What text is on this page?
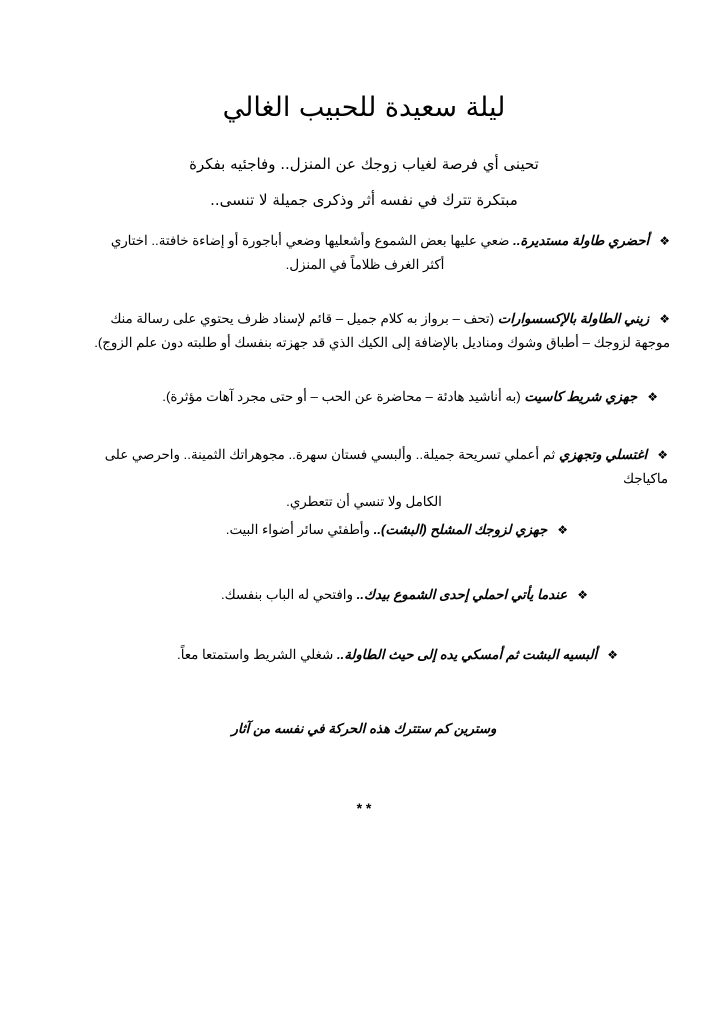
ليلة سعيدة للحبيب الغالي

تحينى أي فرصة لغياب زوجك عن المنزل.. وفاجئيه بفكرة

مبتكرة تترك في نفسه أثر وذكرى جميلة لا تنسى..

❖أحضري طاولة مستديرة.. ضعي عليها بعض الشموع وأشعليها وضعي أباجورة أو إضاءة خافتة.. اختاري
أكثر الغرف ظلاماً في المنزل.

❖زيني الطاولة بالإكسسوارات (تحف – برواز به كلام جميل – قائم لإسناد ظرف يحتوي على رسالة منك
موجهة لزوجك – أطباق وشوك ومناديل بالإضافة إلى الكيك الذي قد جهزته بنفسك أو طلبته دون علم الزوج).

❖جهزي شريط كاسيت (به أناشيد هادئة – محاضرة عن الحب – أو حتى مجرد آهات مؤثرة).

❖اغتسلي وتجهزي ثم أعملي تسريحة جميلة.. وألبسي فستان سهرة.. مجوهراتك الثمينة.. واحرصي على ماكياجك
الكامل ولا تنسي أن تتعطري.

❖جهزي لزوجك المشلح (البشت).. وأطفئي سائر أضواء البيت.

❖عندما يأتي احملي إحدى الشموع بيدك.. وافتحي له الباب بنفسك.

❖ألبسيه البشت ثم أمسكي يده إلى حيث الطاولة.. شغلي الشريط واستمتعا معاً.

وسترين كم ستترك هذه الحركة في نفسه من آثار

* *
